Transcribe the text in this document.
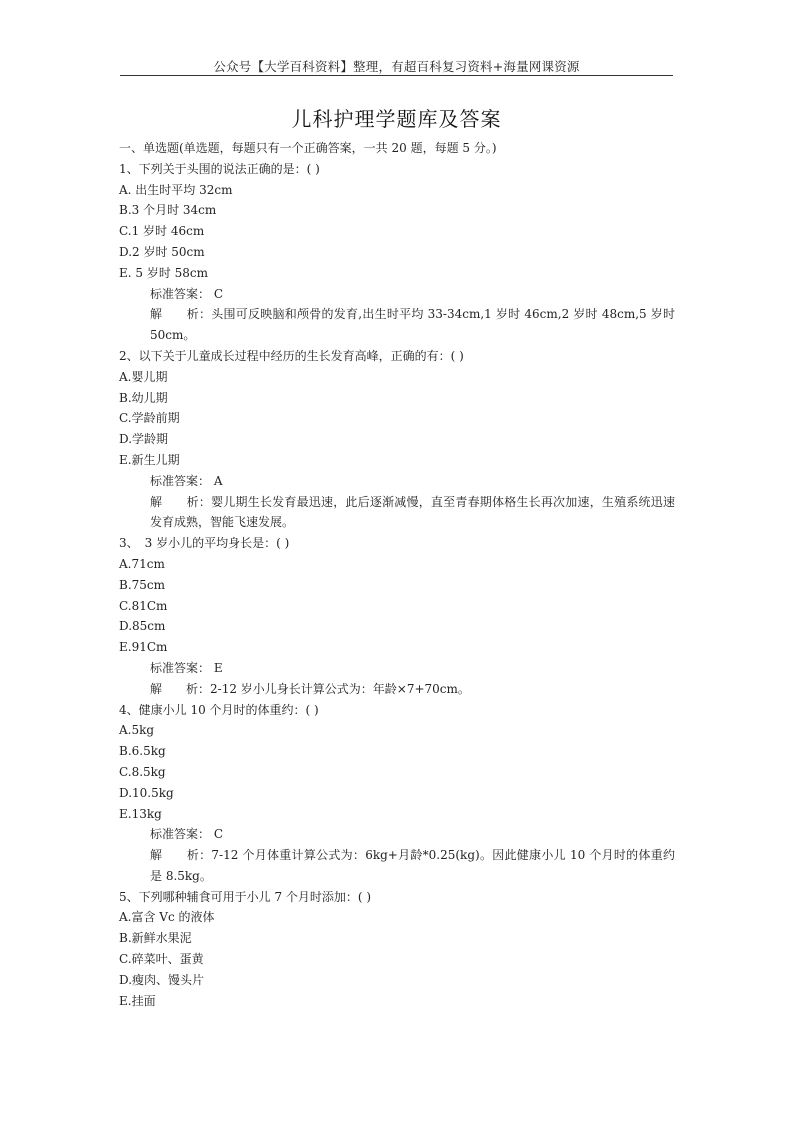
公众号【大学百科资料】整理，有超百科复习资料+海量网课资源
儿科护理学题库及答案
一、单选题(单选题，每题只有一个正确答案，一共 20 题，每题 5 分。)
1、下列关于头围的说法正确的是：( )
A. 出生时平均 32cm
B.3 个月时 34cm
C.1 岁时 46cm
D.2 岁时 50cm
E. 5 岁时 58cm
标准答案： C
解　　析：头围可反映脑和颅骨的发育,出生时平均 33-34cm,1 岁时 46cm,2 岁时 48cm,5 岁时 50cm。
2、以下关于儿童成长过程中经历的生长发育高峰，正确的有：( )
A.婴儿期
B.幼儿期
C.学龄前期
D.学龄期
E.新生儿期
标准答案： A
解　　析：婴儿期生长发育最迅速，此后逐渐减慢，直至青春期体格生长再次加速，生殖系统迅速发育成熟，智能飞速发展。
3、　3 岁小儿的平均身长是：( )
A.71cm
B.75cm
C.81Cm
D.85cm
E.91Cm
标准答案： E
解　　析：2-12 岁小儿身长计算公式为：年龄×7+70cm。
4、健康小儿 10 个月时的体重约：( )
A.5kg
B.6.5kg
C.8.5kg
D.10.5kg
E.13kg
标准答案： C
解　　析：7-12 个月体重计算公式为：6kg+月龄*0.25(kg)。因此健康小儿 10 个月时的体重约是 8.5kg。
5、下列哪种辅食可用于小儿 7 个月时添加：( )
A.富含 Vc 的液体
B.新鲜水果泥
C.碎菜叶、蛋黄
D.瘦肉、馒头片
E.挂面
